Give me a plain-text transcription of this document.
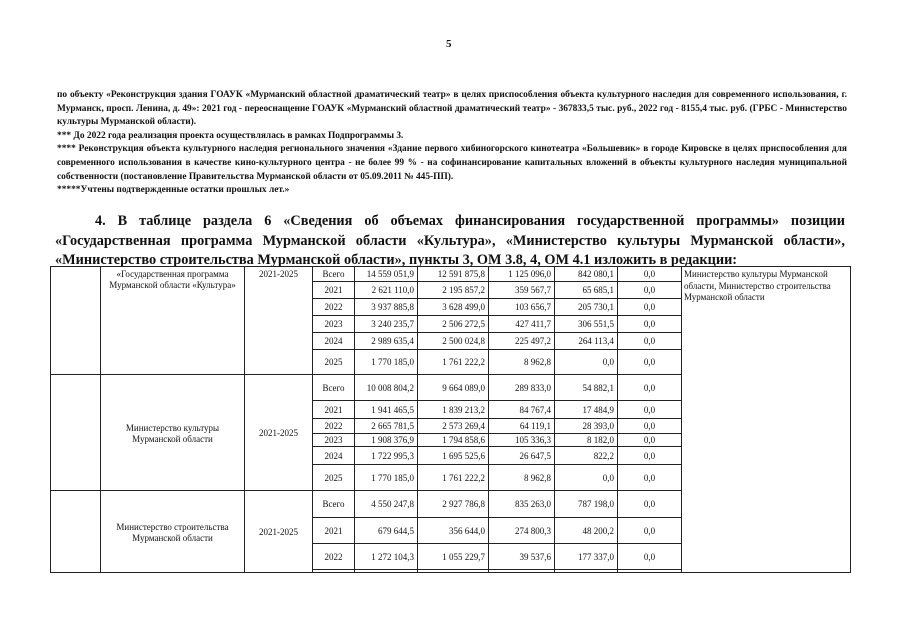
5

по объекту «Реконструкция здания ГОАУК «Мурманский областной драматический театр» в целях приспособления объекта культурного наследия для современного использования, г. Мурманск, просп. Ленина, д. 49»: 2021 год - переоснащение ГОАУК «Мурманский областной драматический театр» - 367833,5 тыс. руб., 2022 год - 8155,4 тыс. руб. (ГРБС - Министерство культуры Мурманской области).

*** До 2022 года реализация проекта осуществлялась в рамках Подпрограммы 3.

**** Реконструкция объекта культурного наследия регионального значения «Здание первого хибиногорского кинотеатра «Большевик» в городе Кировске в целях приспособления для современного использования в качестве кино-культурного центра - не более 99 % - на софинансирование капитальных вложений в объекты культурного наследия муниципальной собственности (постановление Правительства Мурманской области от 05.09.2011 № 445-ПП).

*****Учтены подтвержденные остатки прошлых лет.»

4. В таблице раздела 6 «Сведения об объемах финансирования государственной программы» позиции «Государственная программа Мурманской области «Культура», «Министерство культуры Мурманской области», «Министерство строительства Мурманской области», пункты 3, ОМ 3.8, 4, ОМ 4.1 изложить в редакции:
	«Государственная программа Мурманской области «Культура»	2021-2025	Всего	14 559 051,9	12 591 875,8	1 125 096,0	842 080,1	0,0	Министерство культуры Мурманской области, Министерство строительства Мурманской области
			2021	2 621 110,0	2 195 857,2	359 567,7	65 685,1	0,0	
			2022	3 937 885,8	3 628 499,0	103 656,7	205 730,1	0,0	
			2023	3 240 235,7	2 506 272,5	427 411,7	306 551,5	0,0	
			2024	2 989 635,4	2 500 024,8	225 497,2	264 113,4	0,0	
			2025	1 770 185,0	1 761 222,2	8 962,8	0,0	0,0	
	Министерство культуры Мурманской области	2021-2025	Всего	10 008 804,2	9 664 089,0	289 833,0	54 882,1	0,0	
			2021	1 941 465,5	1 839 213,2	84 767,4	17 484,9	0,0	
			2022	2 665 781,5	2 573 269,4	64 119,1	28 393,0	0,0	
			2023	1 908 376,9	1 794 858,6	105 336,3	8 182,0	0,0	
			2024	1 722 995,3	1 695 525,6	26 647,5	822,2	0,0	
			2025	1 770 185,0	1 761 222,2	8 962,8	0,0	0,0	
	Министерство строительства Мурманской области	2021-2025	Всего	4 550 247,8	2 927 786,8	835 263,0	787 198,0	0,0	
			2021	679 644,5	356 644,0	274 800,3	48 200,2	0,0	
			2022	1 272 104,3	1 055 229,7	39 537,6	177 337,0	0,0	
